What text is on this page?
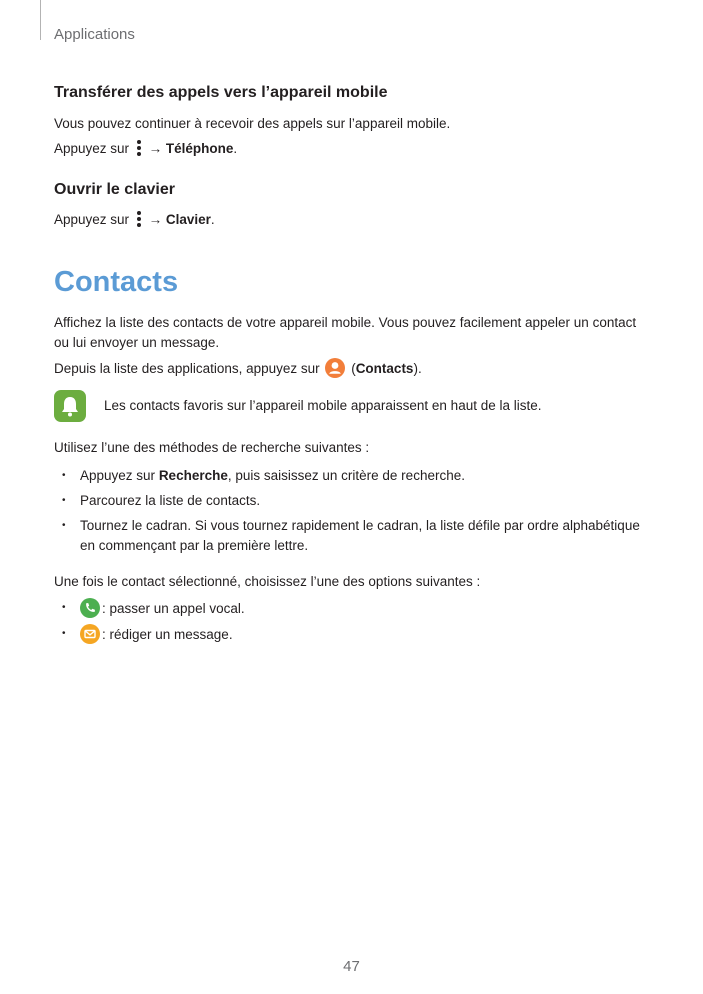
Applications
Transférer des appels vers l’appareil mobile

Vous pouvez continuer à recevoir des appels sur l’appareil mobile.

Appuyez sur → Téléphone.

Ouvrir le clavier

Appuyez sur → Clavier.

Contacts

Affichez la liste des contacts de votre appareil mobile. Vous pouvez facilement appeler un contact ou lui envoyer un message.

Depuis la liste des applications, appuyez sur (Contacts).

Les contacts favoris sur l’appareil mobile apparaissent en haut de la liste.

Utilisez l’une des méthodes de recherche suivantes :

• Appuyez sur Recherche, puis saisissez un critère de recherche.
• Parcourez la liste de contacts.
• Tournez le cadran. Si vous tournez rapidement le cadran, la liste défile par ordre alphabétique en commençant par la première lettre.

Une fois le contact sélectionné, choisissez l’une des options suivantes :

•	: passer un appel vocal.
•	: rédiger un message.
47
